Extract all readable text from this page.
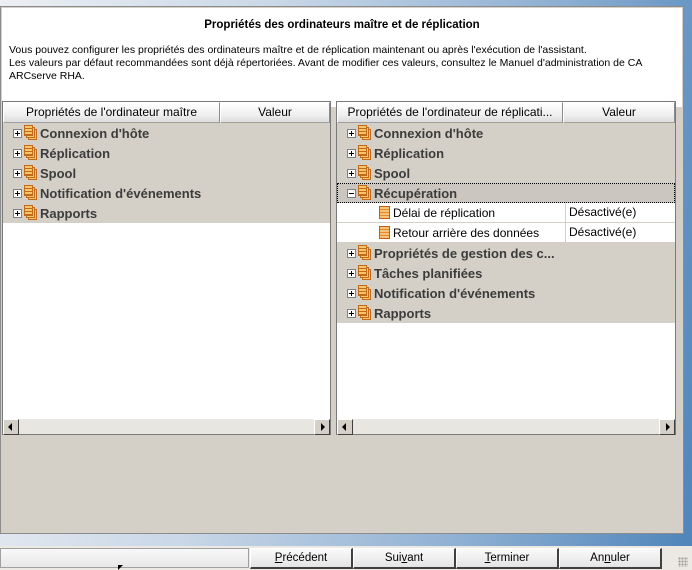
Propriétés des ordinateurs maître et de réplication
Vous pouvez configurer les propriétés des ordinateurs maître et de réplication maintenant ou après l'exécution de l'assistant.
Les valeurs par défaut recommandées sont déjà répertoriées. Avant de modifier ces valeurs, consultez le Manuel d'administration de CA ARCserve RHA.
Propriétés de l'ordinateur maître	Valeur
Connexion d'hôte
Réplication
Spool
Notification d'événements
Rapports
Propriétés de l'ordinateur de réplicati...	Valeur
Connexion d'hôte
Réplication
Spool
Récupération
Délai de réplication	Désactivé(e)
Retour arrière des données	Désactivé(e)
Propriétés de gestion des c...
Tâches planifiées
Notification d'événements
Rapports
Précédent	Suivant	Terminer	Annuler
